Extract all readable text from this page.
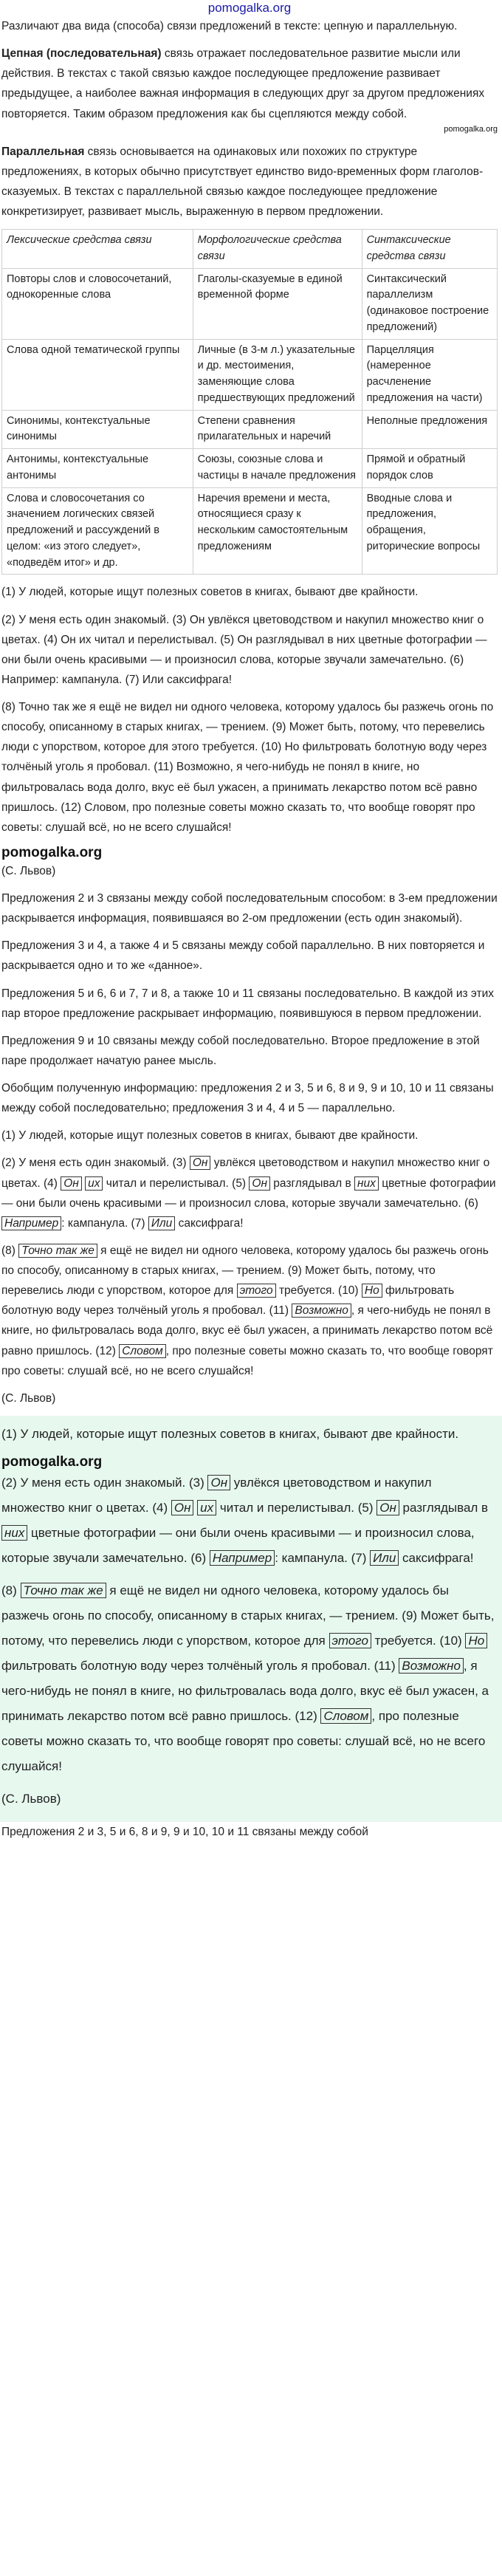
pomogalka.org

Различают два вида (способа) связи предложений в тексте: цепную и параллельную.

Цепная (последовательная) связь отражает последовательное развитие мысли или действия. В текстах с такой связью каждое последующее предложение развивает предыдущее, а наиболее важная информация в следующих друг за другом предложениях повторяется. Таким образом предложения как бы сцепляются между собой.
pomogalka.org

Параллельная связь основывается на одинаковых или похожих по структуре предложениях, в которых обычно присутствует единство видо-временных форм глаголов-сказуемых. В текстах с параллельной связью каждое последующее предложение конкретизирует, развивает мысль, выраженную в первом предложении.

Лексические средства связи	Морфологические средства связи	Синтаксические средства связи
Повторы слов и словосочетаний, однокоренные слова	Глаголы-сказуемые в единой временной форме	Синтаксический параллелизм (одинаковое построение предложений)
Слова одной тематической группы	Личные (в 3-м л.) указательные и др. местоимения, заменяющие слова предшествующих предложений	Парцелляция (намеренное расчленение предложения на части)
Синонимы, контекстуальные синонимы	Степени сравнения прилагательных и наречий	Неполные предложения
Антонимы, контекстуальные антонимы	Союзы, союзные слова и частицы в начале предложения	Прямой и обратный порядок слов
Слова и словосочетания со значением логических связей предложений и рассуждений в целом: «из этого следует», «подведём итог» и др.	Наречия времени и места, относящиеся сразу к нескольким самостоятельным предложениям	Вводные слова и предложения, обращения, риторические вопросы

(1) У людей, которые ищут полезных советов в книгах, бывают две крайности.

(2) У меня есть один знакомый. (3) Он увлёкся цветоводством и накупил множество книг о цветах. (4) Он их читал и перелистывал. (5) Он разглядывал в них цветные фотографии — они были очень красивыми — и произносил слова, которые звучали замечательно. (6) Например: кампанула. (7) Или саксифрага!

(8) Точно так же я ещё не видел ни одного человека, которому удалось бы разжечь огонь по способу, описанному в старых книгах, — трением. (9) Может быть, потому, что перевелись люди с упорством, которое для этого требуется. (10) Но фильтровать болотную воду через толчёный уголь я пробовал. (11) Возможно, я чего-нибудь не понял в книге, но фильтровалась вода долго, вкус её был ужасен, а принимать лекарство потом всё равно пришлось. (12) Словом, про полезные советы можно сказать то, что вообще говорят про советы: слушай всё, но не всего слушайся!

pomogalka.org

(С. Львов)

Предложения 2 и 3 связаны между собой последовательным способом: в 3-ем предложении раскрывается информация, появившаяся во 2-ом предложении (есть один знакомый).

Предложения 3 и 4, а также 4 и 5 связаны между собой параллельно. В них повторяется и раскрывается одно и то же «данное».

Предложения 5 и 6, 6 и 7, 7 и 8, а также 10 и 11 связаны последовательно. В каждой из этих пар второе предложение раскрывает информацию, появившуюся в первом предложении.

Предложения 9 и 10 связаны между собой последовательно. Второе предложение в этой паре продолжает начатую ранее мысль.

Обобщим полученную информацию: предложения 2 и 3, 5 и 6, 8 и 9, 9 и 10, 10 и 11 связаны между собой последовательно; предложения 3 и 4, 4 и 5 — параллельно.

(1) У людей, которые ищут полезных советов в книгах, бывают две крайности.

(2) У меня есть один знакомый. (3) Он увлёкся цветоводством и накупил множество книг о цветах. (4) Он их читал и перелистывал. (5) Он разглядывал в них цветные фотографии — они были очень красивыми — и произносил слова, которые звучали замечательно. (6) Например : кампанула. (7) Или саксифрага!

(8) Точно так же я ещё не видел ни одного человека, которому удалось бы разжечь огонь по способу, описанному в старых книгах, — трением. (9) Может быть, потому, что перевелись люди с упорством, которое для этого требуется. (10) Но фильтровать болотную воду через толчёный уголь я пробовал. (11) Возможно , я чего-нибудь не понял в книге, но фильтровалась вода долго, вкус её был ужасен, а принимать лекарство потом всё равно пришлось. (12) Словом , про полезные советы можно сказать то, что вообще говорят про советы: слушай всё, но не всего слушайся!

(С. Львов)

(1) У людей, которые ищут полезных советов в книгах, бывают две крайности.

pomogalka.org

(2) У меня есть один знакомый. (3) Он увлёкся цветоводством и накупил множество книг о цветах. (4) Он их читал и перелистывал. (5) Он разглядывал в них цветные фотографии — они были очень красивыми — и произносил слова, которые звучали замечательно. (6) Например : кампанула. (7) Или саксифрага!

(8) Точно так же я ещё не видел ни одного человека, которому удалось бы разжечь огонь по способу, описанному в старых книгах, — трением. (9) Может быть, потому, что перевелись люди с упорством, которое для этого требуется. (10) Но фильтровать болотную воду через толчёный уголь я пробовал. (11) Возможно , я чего-нибудь не понял в книге, но фильтровалась вода долго, вкус её был ужасен, а принимать лекарство потом всё равно пришлось. (12) Словом , про полезные советы можно сказать то, что вообще говорят про советы: слушай всё, но не всего слушайся!

(С. Львов)

Предложения 2 и 3, 5 и 6, 8 и 9, 9 и 10, 10 и 11 связаны между собой
